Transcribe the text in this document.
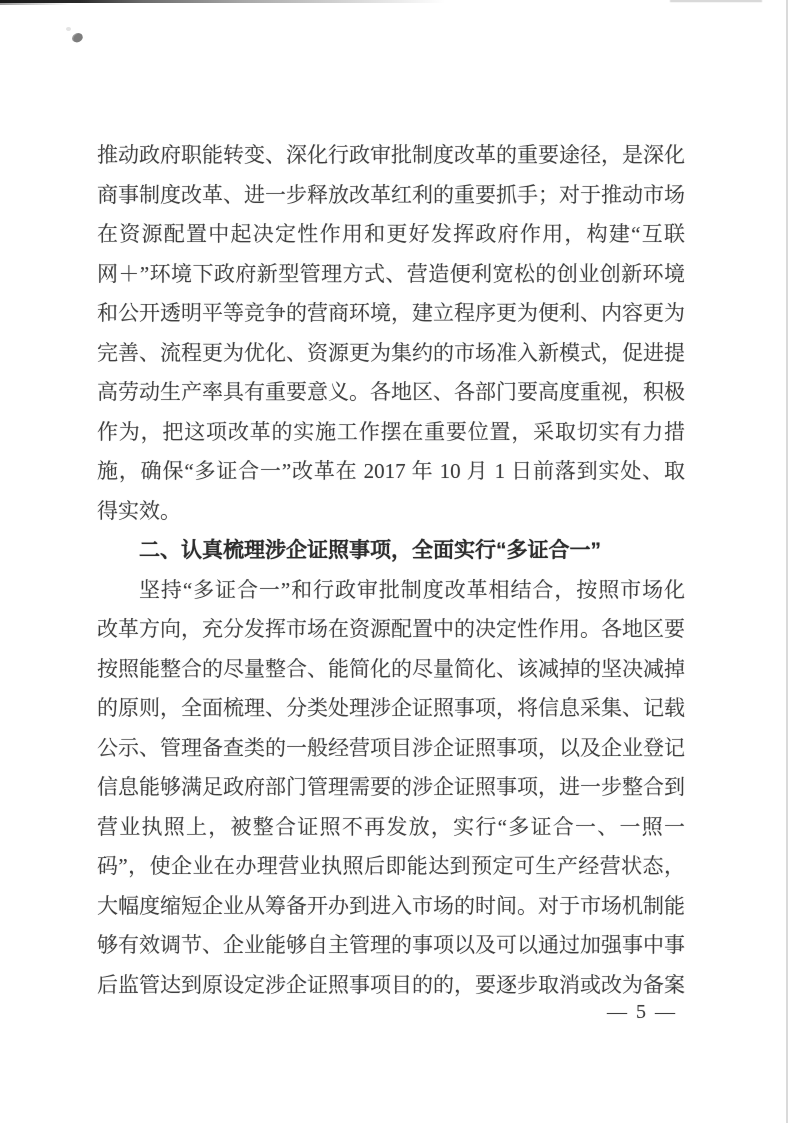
推动政府职能转变、深化行政审批制度改革的重要途径，是深化
商事制度改革、进一步释放改革红利的重要抓手；对于推动市场
在资源配置中起决定性作用和更好发挥政府作用，构建“互联
网＋”环境下政府新型管理方式、营造便利宽松的创业创新环境
和公开透明平等竞争的营商环境，建立程序更为便利、内容更为
完善、流程更为优化、资源更为集约的市场准入新模式，促进提
高劳动生产率具有重要意义。各地区、各部门要高度重视，积极
作为，把这项改革的实施工作摆在重要位置，采取切实有力措
施，确保“多证合一”改革在 2017 年 10 月 1 日前落到实处、取
得实效。
二、认真梳理涉企证照事项，全面实行“多证合一”
坚持“多证合一”和行政审批制度改革相结合，按照市场化
改革方向，充分发挥市场在资源配置中的决定性作用。各地区要
按照能整合的尽量整合、能简化的尽量简化、该减掉的坚决减掉
的原则，全面梳理、分类处理涉企证照事项，将信息采集、记载
公示、管理备查类的一般经营项目涉企证照事项，以及企业登记
信息能够满足政府部门管理需要的涉企证照事项，进一步整合到
营业执照上，被整合证照不再发放，实行“多证合一、一照一
码”，使企业在办理营业执照后即能达到预定可生产经营状态，
大幅度缩短企业从筹备开办到进入市场的时间。对于市场机制能
够有效调节、企业能够自主管理的事项以及可以通过加强事中事
后监管达到原设定涉企证照事项目的的，要逐步取消或改为备案
— 5 —
